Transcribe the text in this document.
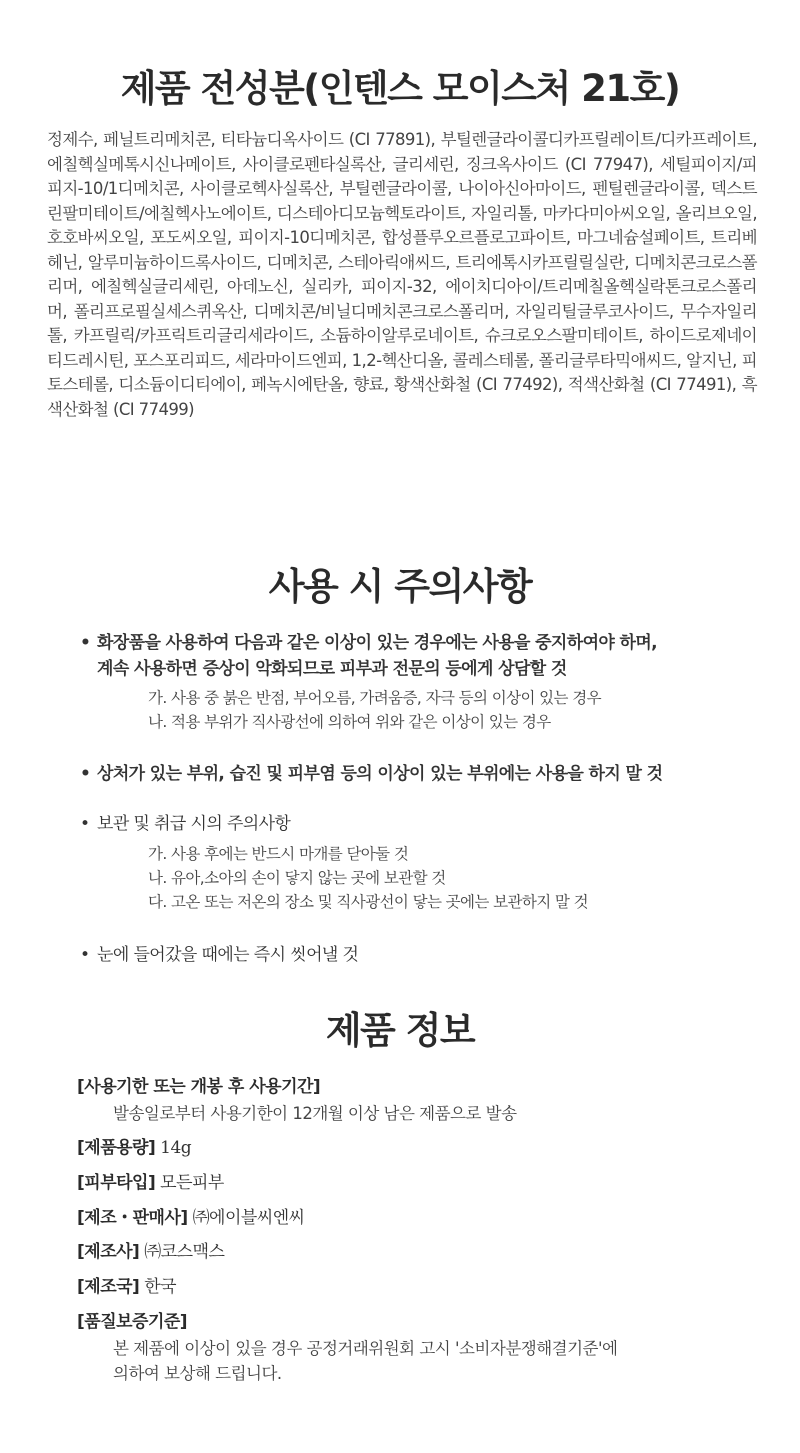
제품 전성분(인텐스 모이스처 21호)

정제수, 페닐트리메치콘, 티타늄디옥사이드 (CI 77891), 부틸렌글라이콜디카프릴레이트/디카프레이트, 에칠헥실메톡시신나메이트, 사이클로펜타실록산, 글리세린, 징크옥사이드 (CI 77947), 세틸피이지/피피지-10/1디메치콘, 사이클로헥사실록산, 부틸렌글라이콜, 나이아신아마이드, 펜틸렌글라이콜, 덱스트린팔미테이트/에칠헥사노에이트, 디스테아디모늄헥토라이트, 자일리톨, 마카다미아씨오일, 올리브오일, 호호바씨오일, 포도씨오일, 피이지-10디메치콘, 합성플루오르플로고파이트, 마그네슘설페이트, 트리베헤닌, 알루미늄하이드록사이드, 디메치콘, 스테아릭애씨드, 트리에톡시카프릴릴실란, 디메치콘크로스폴리머, 에칠헥실글리세린, 아데노신, 실리카, 피이지-32, 에이치디아이/트리메칠올헥실락톤크로스폴리머, 폴리프로필실세스퀴옥산, 디메치콘/비닐디메치콘크로스폴리머, 자일리틸글루코사이드, 무수자일리톨, 카프릴릭/카프릭트리글리세라이드, 소듐하이알루로네이트, 슈크로오스팔미테이트, 하이드로제네이티드레시틴, 포스포리피드, 세라마이드엔피, 1,2-헥산디올, 콜레스테롤, 폴리글루타믹애씨드, 알지닌, 피토스테롤, 디소듐이디티에이, 페녹시에탄올, 향료, 황색산화철 (CI 77492), 적색산화철 (CI 77491), 흑색산화철 (CI 77499)

사용 시 주의사항
• 화장품을 사용하여 다음과 같은 이상이 있는 경우에는 사용을 중지하여야 하며,
계속 사용하면 증상이 악화되므로 피부과 전문의 등에게 상담할 것
가. 사용 중 붉은 반점, 부어오름, 가려움증, 자극 등의 이상이 있는 경우
나. 적용 부위가 직사광선에 의하여 위와 같은 이상이 있는 경우
• 상처가 있는 부위, 습진 및 피부염 등의 이상이 있는 부위에는 사용을 하지 말 것
• 보관 및 취급 시의 주의사항
가. 사용 후에는 반드시 마개를 닫아둘 것
나. 유아,소아의 손이 닿지 않는 곳에 보관할 것
다. 고온 또는 저온의 장소 및 직사광선이 닿는 곳에는 보관하지 말 것
• 눈에 들어갔을 때에는 즉시 씻어낼 것
제품 정보
[사용기한 또는 개봉 후 사용기간]
발송일로부터 사용기한이 12개월 이상 남은 제품으로 발송
[제품용량] 14g
[피부타입] 모든피부
[제조・판매사] ㈜에이블씨엔씨
[제조사] ㈜코스맥스
[제조국] 한국
[품질보증기준]
본 제품에 이상이 있을 경우 공정거래위원회 고시 '소비자분쟁해결기준'에
의하여 보상해 드립니다.
